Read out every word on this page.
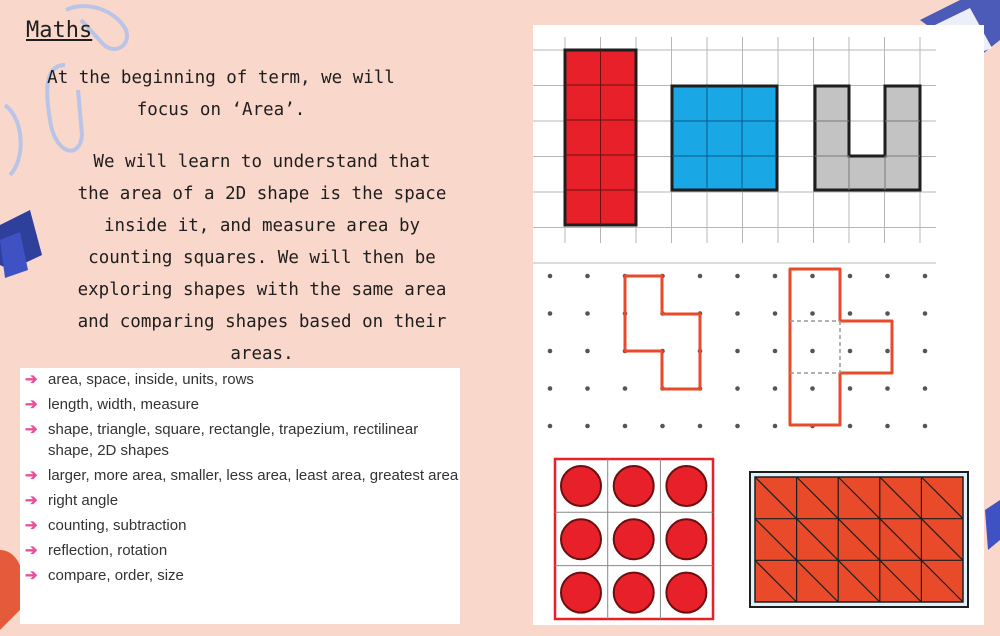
Maths
At the beginning of term, we will
focus on ‘Area’.
We will learn to understand that
the area of a 2D shape is the space
inside it, and measure area by
counting squares. We will then be
exploring shapes with the same area
and comparing shapes based on their
areas.
➔ area, space, inside, units, rows
➔ length, width, measure
➔ shape, triangle, square, rectangle, trapezium, rectilinear shape, 2D shapes
➔ larger, more area, smaller, less area, least area, greatest area
➔ right angle
➔ counting, subtraction
➔ reflection, rotation
➔ compare, order, size
